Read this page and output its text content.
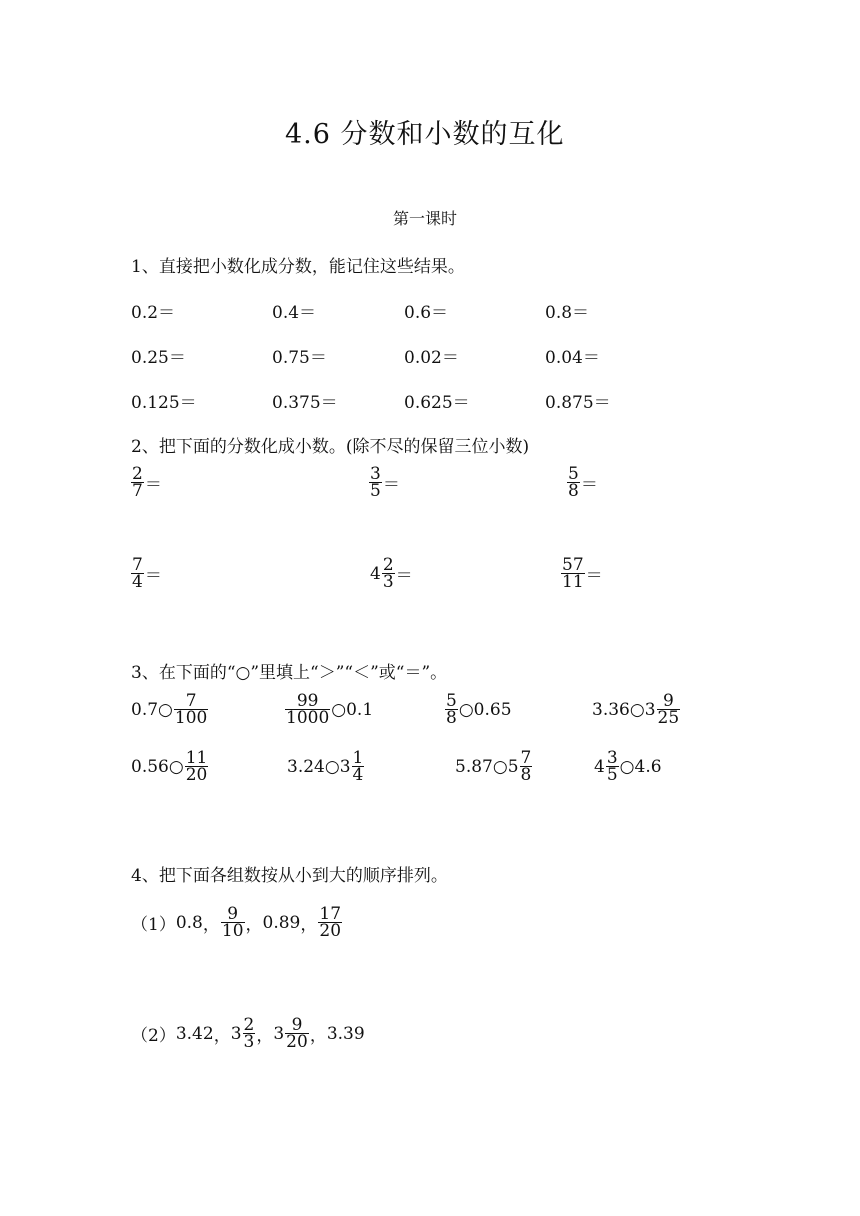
4.6 分数和小数的互化
第一课时
1、直接把小数化成分数，能记住这些结果。
0.2＝	0.4＝	0.6＝	0.8＝
0.25＝	0.75＝	0.02＝	0.04＝
0.125＝	0.375＝	0.625＝	0.875＝
2、把下面的分数化成小数。(除不尽的保留三位小数)
$\frac{2}{7}$ ＝	$\frac{3}{5}$ ＝	$\frac{5}{8}$ ＝
$\frac{7}{4}$ ＝	$4 \frac{2}{3}$ ＝	$\frac{57}{11}$ ＝
3、在下面的“○”里填上“＞”“＜”或“＝”。
0.7 ○ $\frac{7}{100}$	$\frac{99}{1000}$ ○ 0.1	$\frac{5}{8}$ ○ 0.65	3.36 ○ $3 \frac{9}{25}$
0.56 ○ $\frac{11}{20}$	3.24 ○ $3 \frac{1}{4}$	5.87 ○ $5 \frac{7}{8}$	$4 \frac{3}{5}$ ○ 4.6
4、把下面各组数按从小到大的顺序排列。
（1） 0.8 ， $\frac{9}{10}$ ， 0.89 ， $\frac{17}{20}$
（2） 3.42 ， $3 \frac{2}{3}$ ， $3 \frac{9}{20}$ ， 3.39
